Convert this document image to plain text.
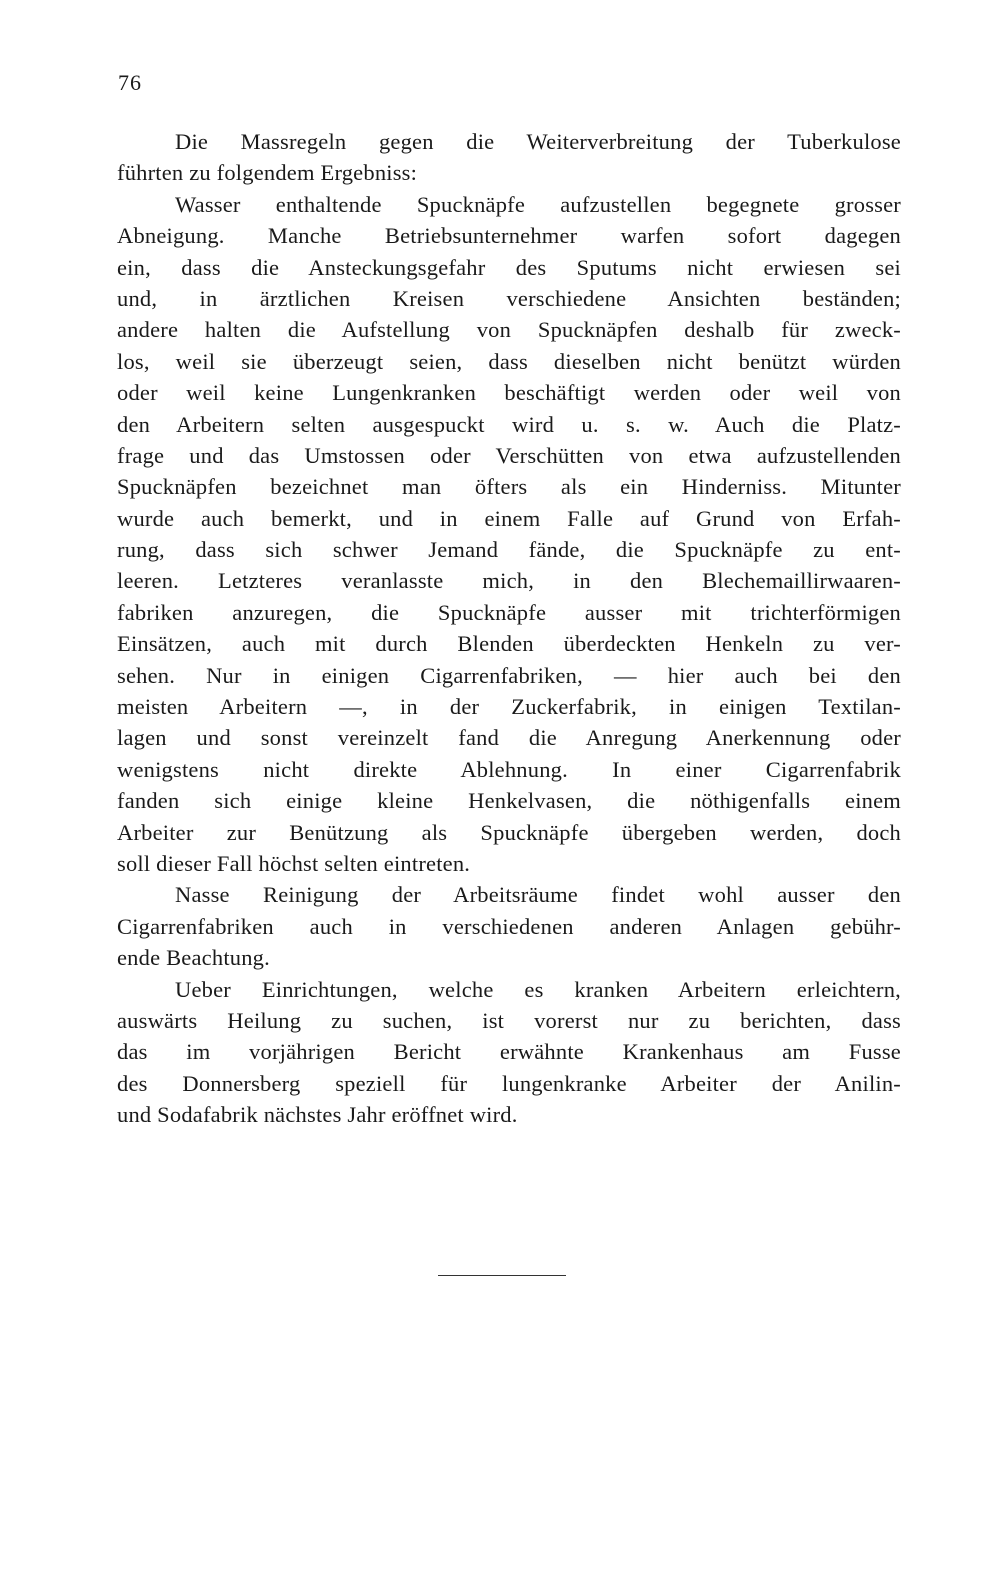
76
Die Massregeln gegen die Weiterverbreitung der Tuberkulose
führten zu folgendem Ergebniss:
Wasser enthaltende Spucknäpfe aufzustellen begegnete grosser
Abneigung. Manche Betriebsunternehmer warfen sofort dagegen
ein, dass die Ansteckungsgefahr des Sputums nicht erwiesen sei
und, in ärztlichen Kreisen verschiedene Ansichten beständen;
andere halten die Aufstellung von Spucknäpfen deshalb für zweck-
los, weil sie überzeugt seien, dass dieselben nicht benützt würden
oder weil keine Lungenkranken beschäftigt werden oder weil von
den Arbeitern selten ausgespuckt wird u. s. w. Auch die Platz-
frage und das Umstossen oder Verschütten von etwa aufzustellenden
Spucknäpfen bezeichnet man öfters als ein Hinderniss. Mitunter
wurde auch bemerkt, und in einem Falle auf Grund von Erfah-
rung, dass sich schwer Jemand fände, die Spucknäpfe zu ent-
leeren. Letzteres veranlasste mich, in den Blechemaillirwaaren-
fabriken anzuregen, die Spucknäpfe ausser mit trichterförmigen
Einsätzen, auch mit durch Blenden überdeckten Henkeln zu ver-
sehen. Nur in einigen Cigarrenfabriken, — hier auch bei den
meisten Arbeitern —, in der Zuckerfabrik, in einigen Textilan-
lagen und sonst vereinzelt fand die Anregung Anerkennung oder
wenigstens nicht direkte Ablehnung. In einer Cigarrenfabrik
fanden sich einige kleine Henkelvasen, die nöthigenfalls einem
Arbeiter zur Benützung als Spucknäpfe übergeben werden, doch
soll dieser Fall höchst selten eintreten.
Nasse Reinigung der Arbeitsräume findet wohl ausser den
Cigarrenfabriken auch in verschiedenen anderen Anlagen gebühr-
ende Beachtung.
Ueber Einrichtungen, welche es kranken Arbeitern erleichtern,
auswärts Heilung zu suchen, ist vorerst nur zu berichten, dass
das im vorjährigen Bericht erwähnte Krankenhaus am Fusse
des Donnersberg speziell für lungenkranke Arbeiter der Anilin-
und Sodafabrik nächstes Jahr eröffnet wird.
